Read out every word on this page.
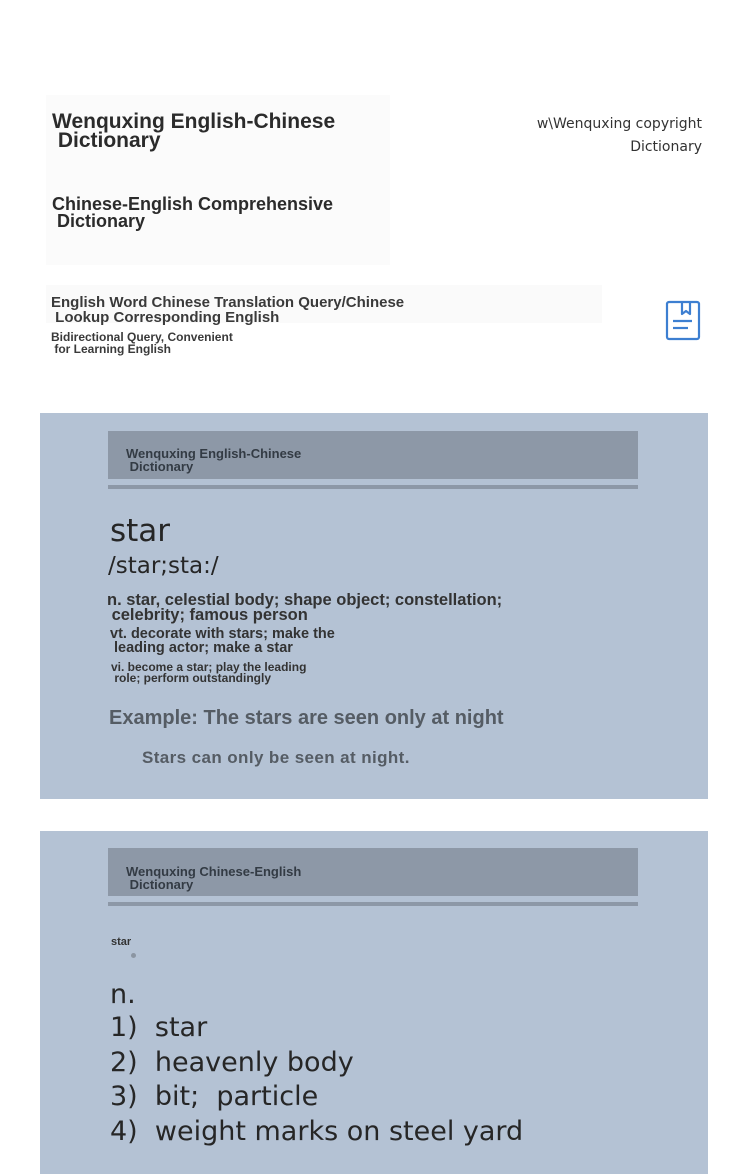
Wenquxing English-Chinese
Dictionary
Chinese-English Comprehensive
Dictionary
w\Wenquxing copyright
Dictionary
English Word Chinese Translation Query/Chinese
Lookup Corresponding English
Bidirectional Query, Convenient
for Learning English
Wenquxing English-Chinese
Dictionary
star
/star;sta:/
n. star, celestial body; shape object; constellation;
celebrity; famous person
vt. decorate with stars; make the
leading actor; make a star
vi. become a star; play the leading
role; perform outstandingly
Example: The stars are seen only at night
Stars can only be seen at night.
Wenquxing Chinese-English
Dictionary
star
n.
1)  star
2)  heavenly body
3)  bit;  particle
4)  weight marks on steel yard
